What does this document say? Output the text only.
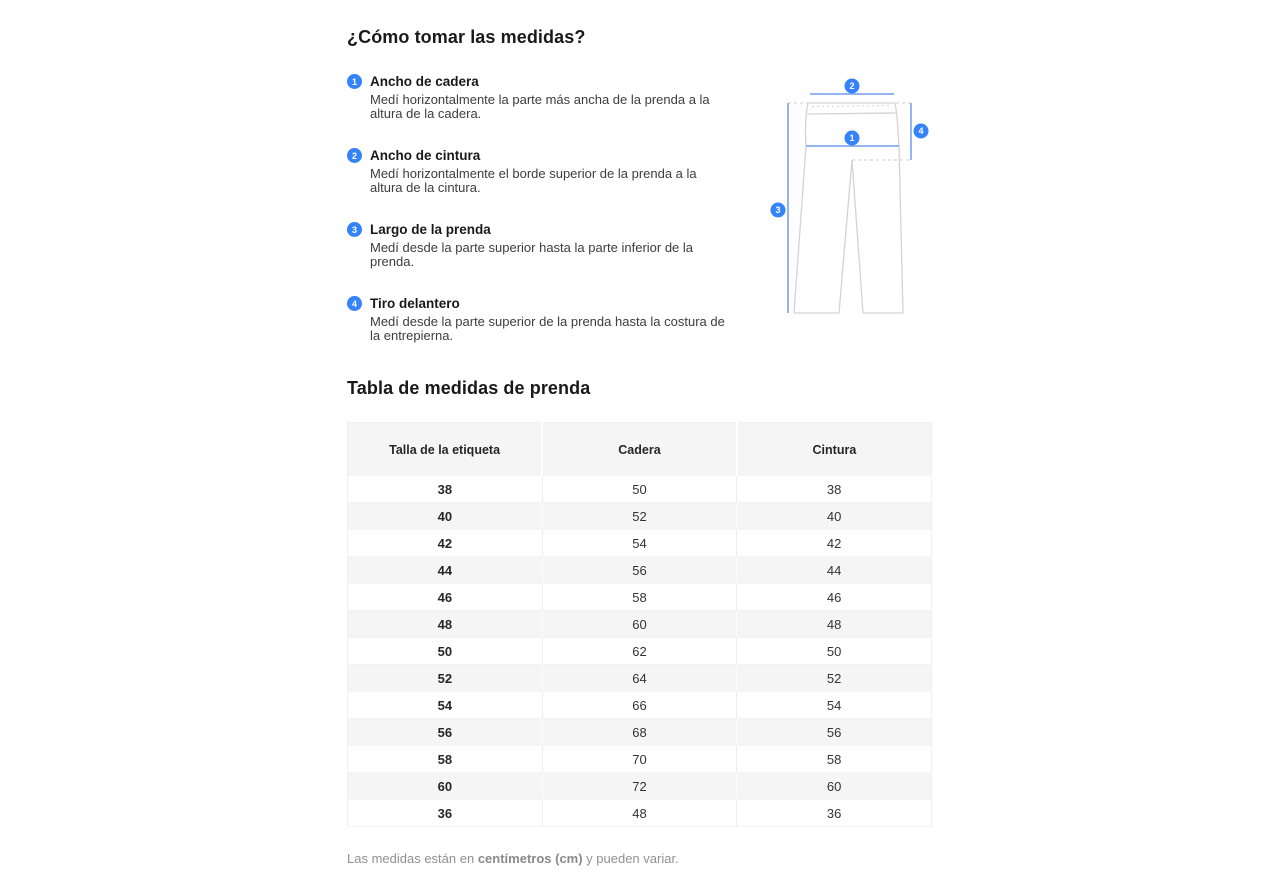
¿Cómo tomar las medidas?
1 Ancho de cadera
Medí horizontalmente la parte más ancha de la prenda a la altura de la cadera.
2 Ancho de cintura
Medí horizontalmente el borde superior de la prenda a la altura de la cintura.
3 Largo de la prenda
Medí desde la parte superior hasta la parte inferior de la prenda.
4 Tiro delantero
Medí desde la parte superior de la prenda hasta la costura de la entrepierna.
Tabla de medidas de prenda
Talla de la etiqueta	Cadera	Cintura
38	50	38
40	52	40
42	54	42
44	56	44
46	58	46
48	60	48
50	62	50
52	64	52
54	66	54
56	68	56
58	70	58
60	72	60
36	48	36

Las medidas están en centímetros (cm) y pueden variar.

1
2
3
4
